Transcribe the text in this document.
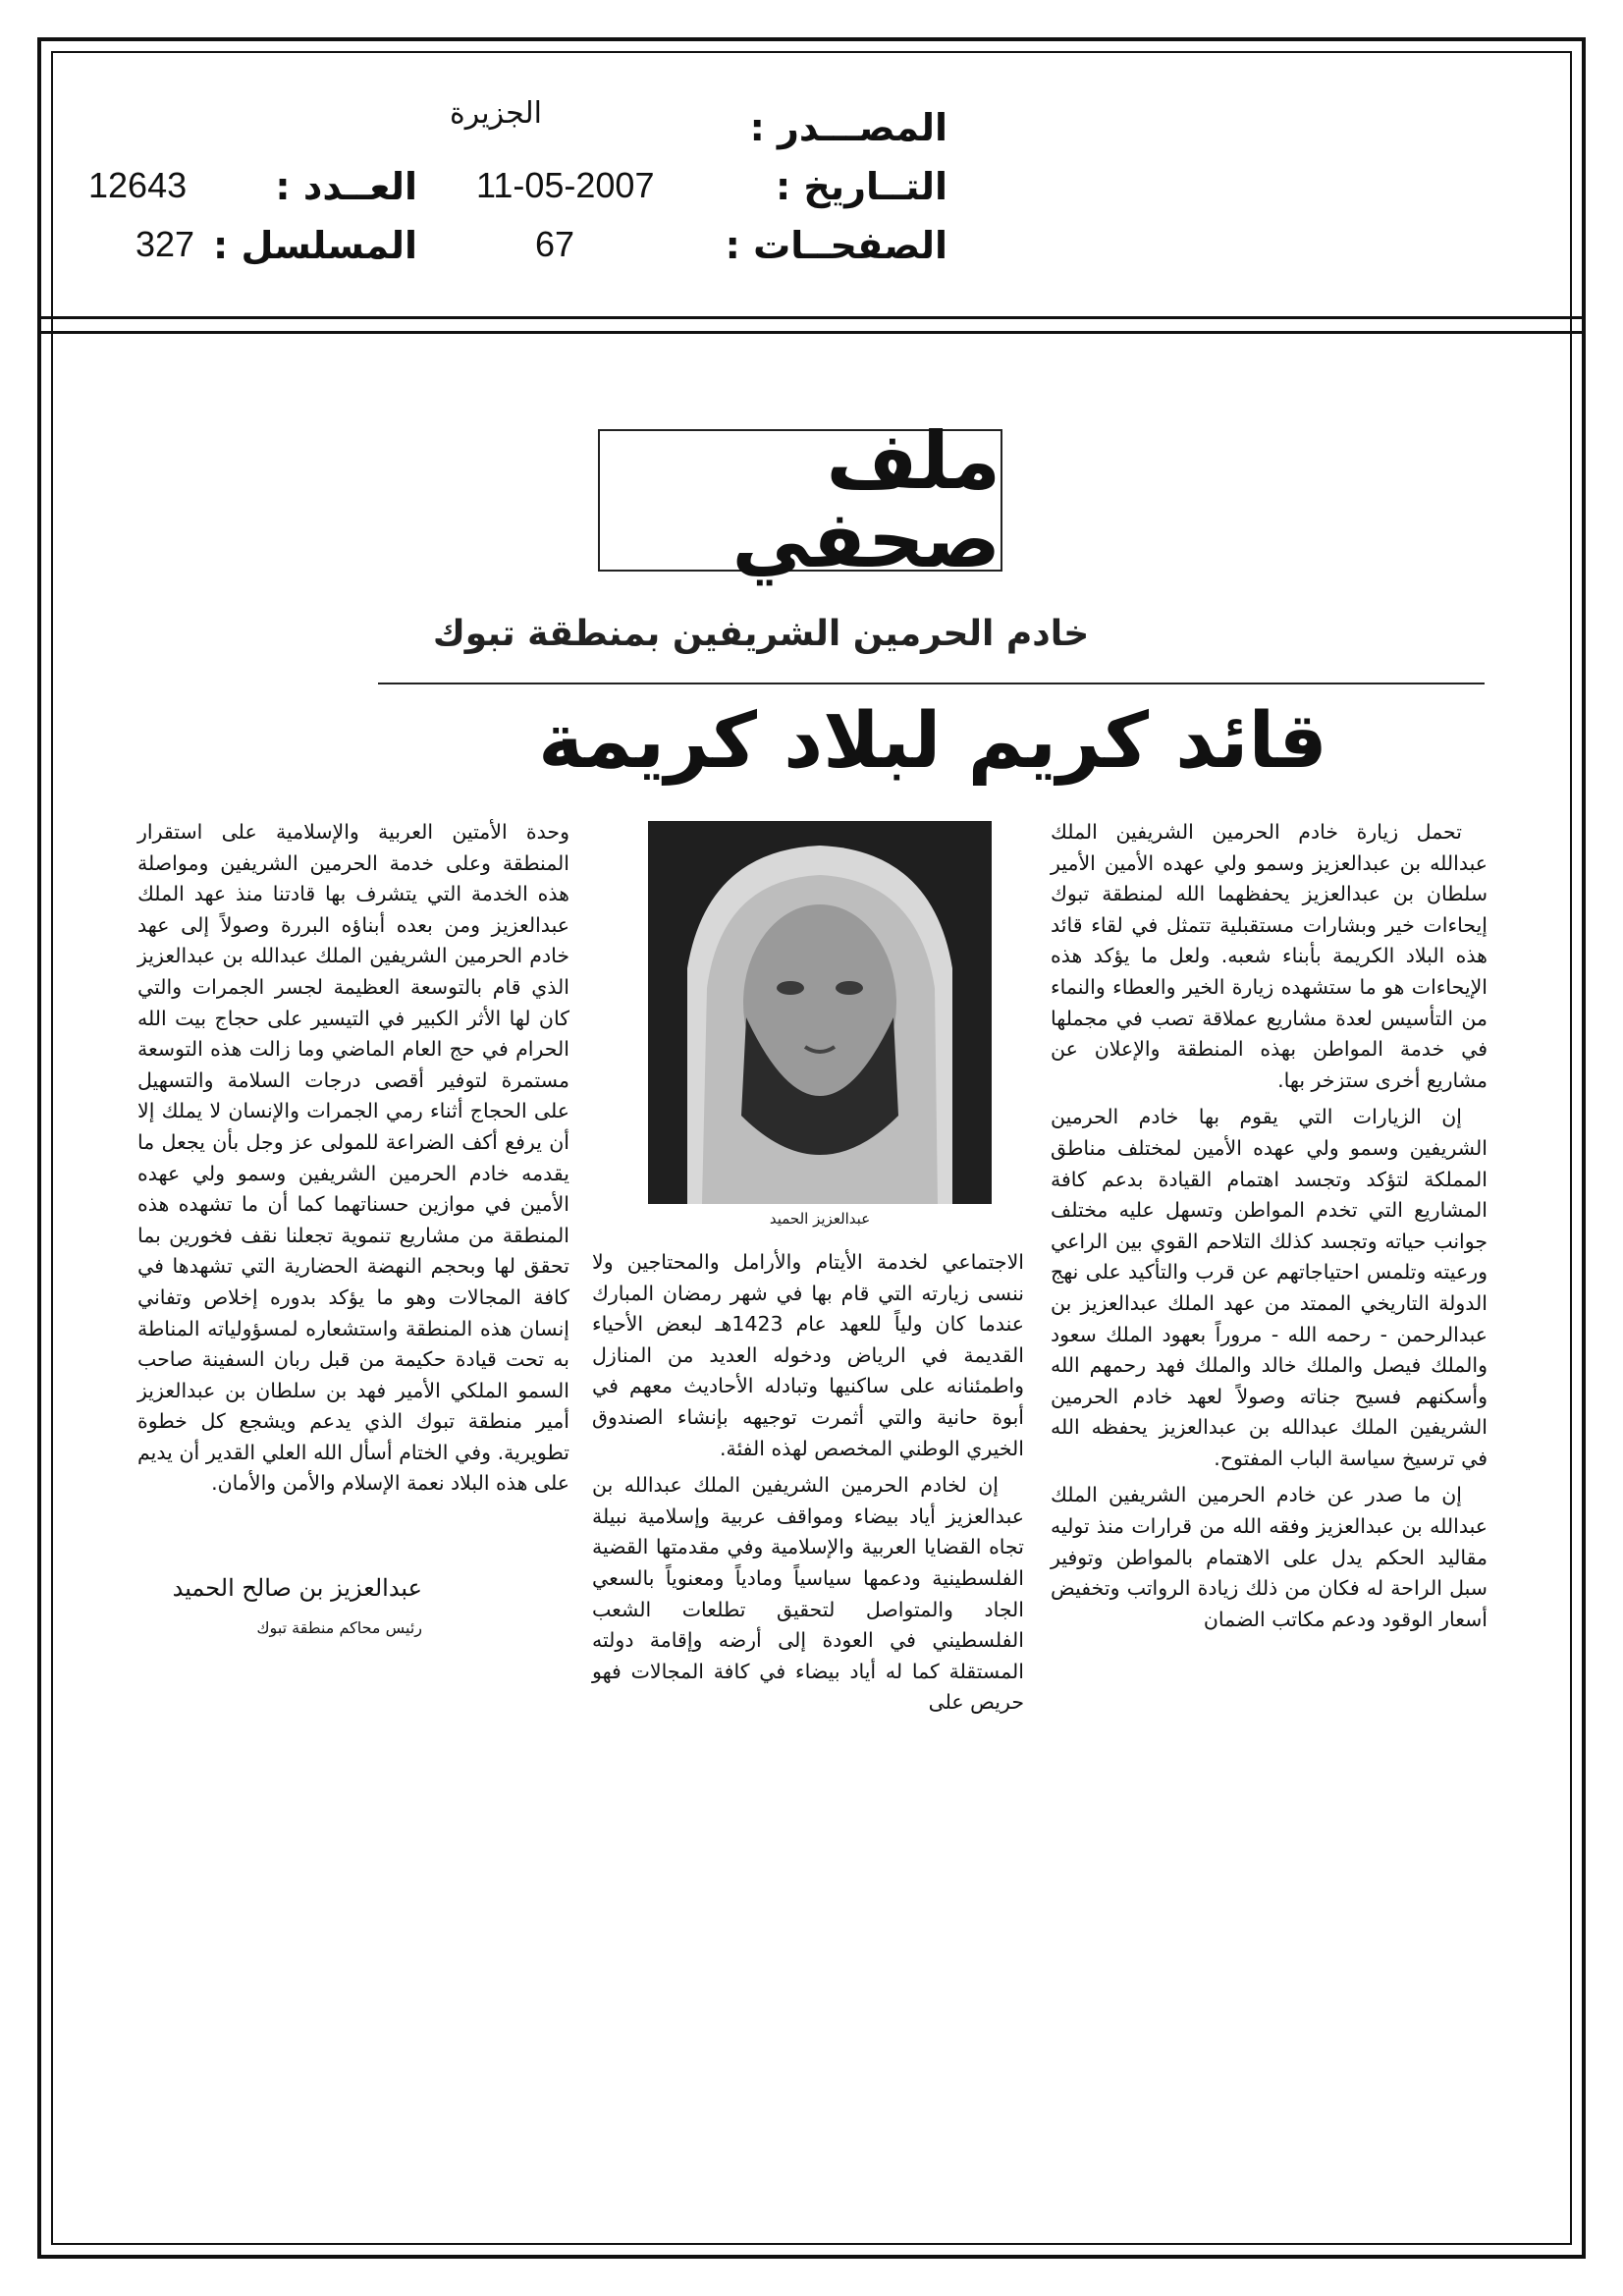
المصـــدر :
الجزيرة
التــاريخ :
11-05-2007
الصفحــات :
67
العــدد :
12643
المسلسل :
327
ملف صحفي
خادم الحرمين الشريفين بمنطقة تبوك
قائد كريم لبلاد كريمة

تحمل زيارة خادم الحرمين الشريفين الملك عبدالله بن عبدالعزيز وسمو ولي عهده الأمين الأمير سلطان بن عبدالعزيز يحفظهما الله لمنطقة تبوك إيحاءات خير وبشارات مستقبلية تتمثل في لقاء قائد هذه البلاد الكريمة بأبناء شعبه. ولعل ما يؤكد هذه الإيحاءات هو ما ستشهده زيارة الخير والعطاء والنماء من التأسيس لعدة مشاريع عملاقة تصب في مجملها في خدمة المواطن بهذه المنطقة والإعلان عن مشاريع أخرى ستزخر بها.

إن الزيارات التي يقوم بها خادم الحرمين الشريفين وسمو ولي عهده الأمين لمختلف مناطق المملكة لتؤكد وتجسد اهتمام القيادة بدعم كافة المشاريع التي تخدم المواطن وتسهل عليه مختلف جوانب حياته وتجسد كذلك التلاحم القوي بين الراعي ورعيته وتلمس احتياجاتهم عن قرب والتأكيد على نهج الدولة التاريخي الممتد من عهد الملك عبدالعزيز بن عبدالرحمن - رحمه الله - مروراً بعهود الملك سعود والملك فيصل والملك خالد والملك فهد رحمهم الله وأسكنهم فسيح جناته وصولاً لعهد خادم الحرمين الشريفين الملك عبدالله بن عبدالعزيز يحفظه الله في ترسيخ سياسة الباب المفتوح.

إن ما صدر عن خادم الحرمين الشريفين الملك عبدالله بن عبدالعزيز وفقه الله من قرارات منذ توليه مقاليد الحكم يدل على الاهتمام بالمواطن وتوفير سبل الراحة له فكان من ذلك زيادة الرواتب وتخفيض أسعار الوقود ودعم مكاتب الضمان

عبدالعزيز الحميد

الاجتماعي لخدمة الأيتام والأرامل والمحتاجين ولا ننسى زيارته التي قام بها في شهر رمضان المبارك عندما كان ولياً للعهد عام 1423هـ لبعض الأحياء القديمة في الرياض ودخوله العديد من المنازل واطمئنانه على ساكنيها وتبادله الأحاديث معهم في أبوة حانية والتي أثمرت توجيهه بإنشاء الصندوق الخيري الوطني المخصص لهذه الفئة.

إن لخادم الحرمين الشريفين الملك عبدالله بن عبدالعزيز أياد بيضاء ومواقف عربية وإسلامية نبيلة تجاه القضايا العربية والإسلامية وفي مقدمتها القضية الفلسطينية ودعمها سياسياً ومادياً ومعنوياً بالسعي الجاد والمتواصل لتحقيق تطلعات الشعب الفلسطيني في العودة إلى أرضه وإقامة دولته المستقلة كما له أياد بيضاء في كافة المجالات فهو حريص على

وحدة الأمتين العربية والإسلامية على استقرار المنطقة وعلى خدمة الحرمين الشريفين ومواصلة هذه الخدمة التي يتشرف بها قادتنا منذ عهد الملك عبدالعزيز ومن بعده أبناؤه البررة وصولاً إلى عهد خادم الحرمين الشريفين الملك عبدالله بن عبدالعزيز الذي قام بالتوسعة العظيمة لجسر الجمرات والتي كان لها الأثر الكبير في التيسير على حجاج بيت الله الحرام في حج العام الماضي وما زالت هذه التوسعة مستمرة لتوفير أقصى درجات السلامة والتسهيل على الحجاج أثناء رمي الجمرات والإنسان لا يملك إلا أن يرفع أكف الضراعة للمولى عز وجل بأن يجعل ما يقدمه خادم الحرمين الشريفين وسمو ولي عهده الأمين في موازين حسناتهما كما أن ما تشهده هذه المنطقة من مشاريع تنموية تجعلنا نقف فخورين بما تحقق لها وبحجم النهضة الحضارية التي تشهدها في كافة المجالات وهو ما يؤكد بدوره إخلاص وتفاني إنسان هذه المنطقة واستشعاره لمسؤولياته المناطة به تحت قيادة حكيمة من قبل ربان السفينة صاحب السمو الملكي الأمير فهد بن سلطان بن عبدالعزيز أمير منطقة تبوك الذي يدعم ويشجع كل خطوة تطويرية. وفي الختام أسأل الله العلي القدير أن يديم على هذه البلاد نعمة الإسلام والأمن والأمان.

عبدالعزيز بن صالح الحميد
رئيس محاكم منطقة تبوك
